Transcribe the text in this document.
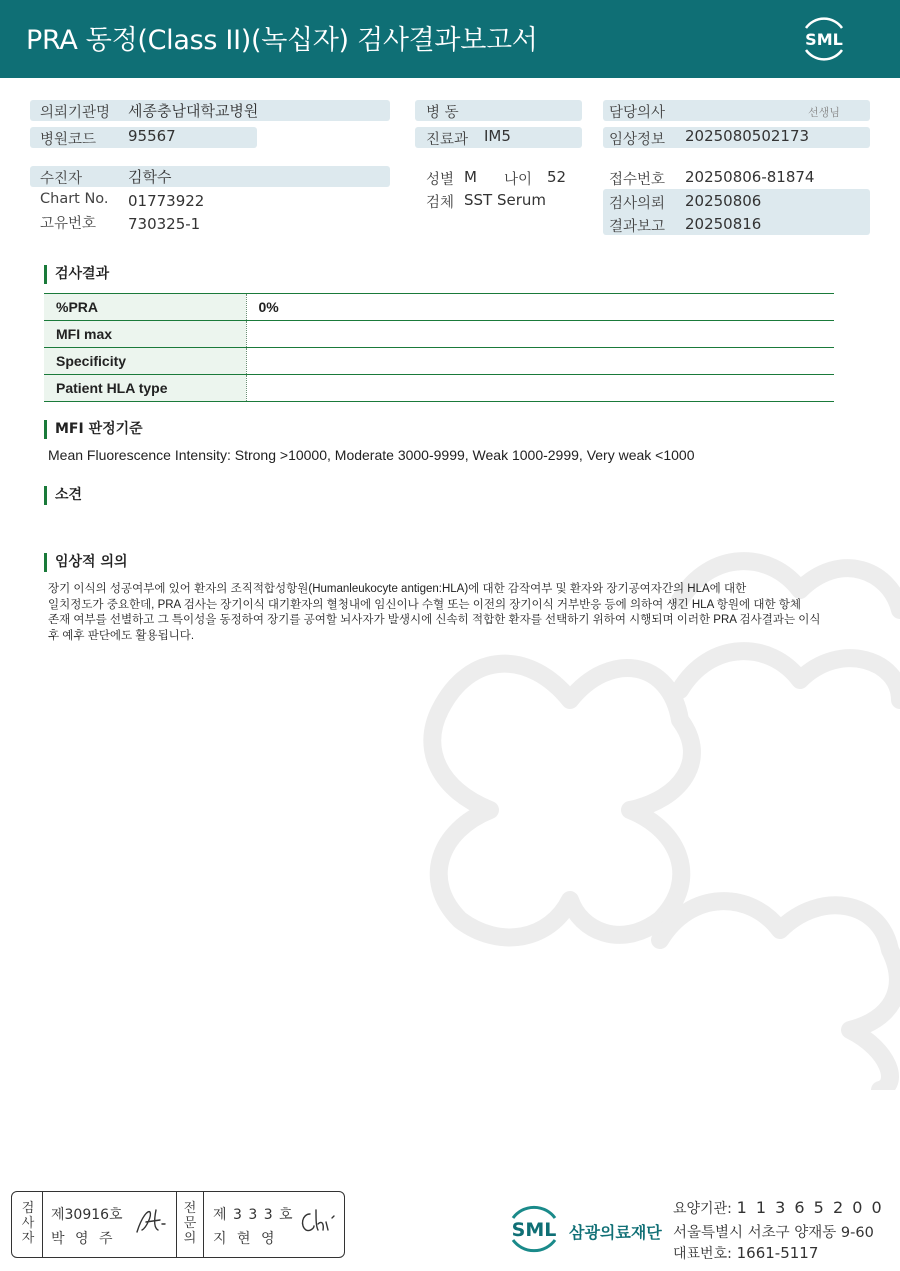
PRA 동정(Class II)(녹십자) 검사결과보고서	SML
의뢰기관명 세종충남대학교병원
병원코드 95567
병 동
진료과 IM5
담당의사	선생님
임상정보 2025080502173
수진자	김학수
Chart No. 01773922
고유번호 730325-1
성별 M 나이 52
검체 SST Serum
접수번호 20250806-81874
검사의뢰 20250806
결과보고 20250816
검사결과
%PRA	0%
MFI max	
Specificity	
Patient HLA type	
MFI 판정기준
Mean Fluorescence Intensity: Strong >10000, Moderate 3000-9999, Weak 1000-2999, Very weak <1000
소견
임상적 의의
장기 이식의 성공여부에 있어 환자의 조직적합성항원(Humanleukocyte antigen:HLA)에 대한 감작여부 및 환자와 장기공여자간의 HLA에 대한
일치정도가 중요한데, PRA 검사는 장기이식 대기환자의 혈청내에 임신이나 수혈 또는 이전의 장기이식 거부반응 등에 의하여 생긴 HLA 항원에 대한 항체
존재 여부를 선별하고 그 특이성을 동정하여 장기를 공여할 뇌사자가 발생시에 신속히 적합한 환자를 선택하기 위하여 시행되며 이러한 PRA 검사결과는 이식
후 예후 판단에도 활용됩니다.
검
사
자
제30916호
박 영 주
전
문
의
제 3 3 3 호
지 현 영	SML 삼광의료재단
요양기관: 1 1 3 6 5 2 0 0
서울특별시 서초구 양재동 9-60
대표번호: 1661-5117
